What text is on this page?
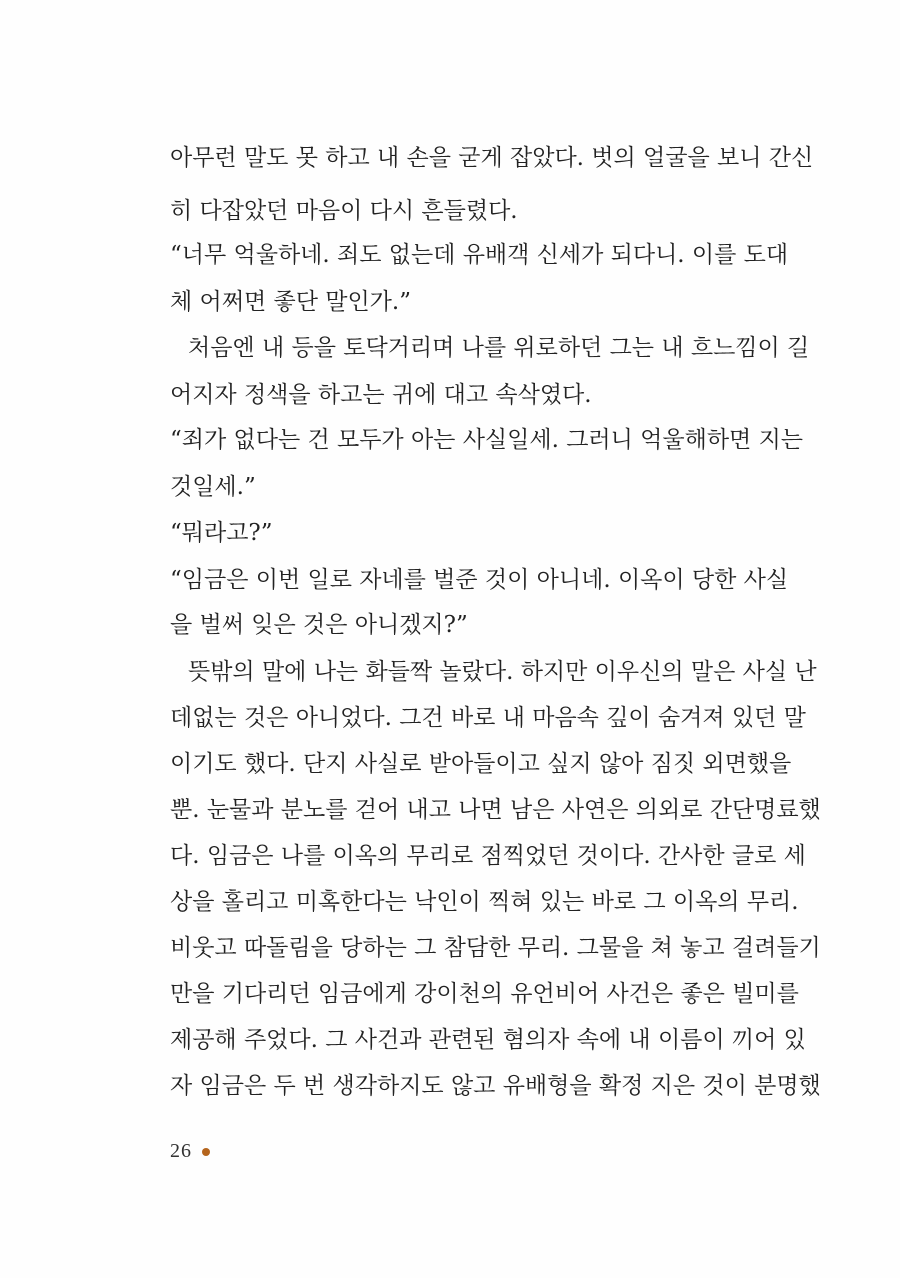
아무런 말도 못 하고 내 손을 굳게 잡았다. 벗의 얼굴을 보니 간신
히 다잡았던 마음이 다시 흔들렸다.
“너무 억울하네. 죄도 없는데 유배객 신세가 되다니. 이를 도대
체 어쩌면 좋단 말인가.”
처음엔 내 등을 토닥거리며 나를 위로하던 그는 내 흐느낌이 길
어지자 정색을 하고는 귀에 대고 속삭였다.
“죄가 없다는 건 모두가 아는 사실일세. 그러니 억울해하면 지는
것일세.”
“뭐라고?”
“임금은 이번 일로 자네를 벌준 것이 아니네. 이옥이 당한 사실
을 벌써 잊은 것은 아니겠지?”
뜻밖의 말에 나는 화들짝 놀랐다. 하지만 이우신의 말은 사실 난
데없는 것은 아니었다. 그건 바로 내 마음속 깊이 숨겨져 있던 말
이기도 했다. 단지 사실로 받아들이고 싶지 않아 짐짓 외면했을
뿐. 눈물과 분노를 걷어 내고 나면 남은 사연은 의외로 간단명료했
다. 임금은 나를 이옥의 무리로 점찍었던 것이다. 간사한 글로 세
상을 홀리고 미혹한다는 낙인이 찍혀 있는 바로 그 이옥의 무리.
비웃고 따돌림을 당하는 그 참담한 무리. 그물을 쳐 놓고 걸려들기
만을 기다리던 임금에게 강이천의 유언비어 사건은 좋은 빌미를
제공해 주었다. 그 사건과 관련된 혐의자 속에 내 이름이 끼어 있
자 임금은 두 번 생각하지도 않고 유배형을 확정 지은 것이 분명했
26
